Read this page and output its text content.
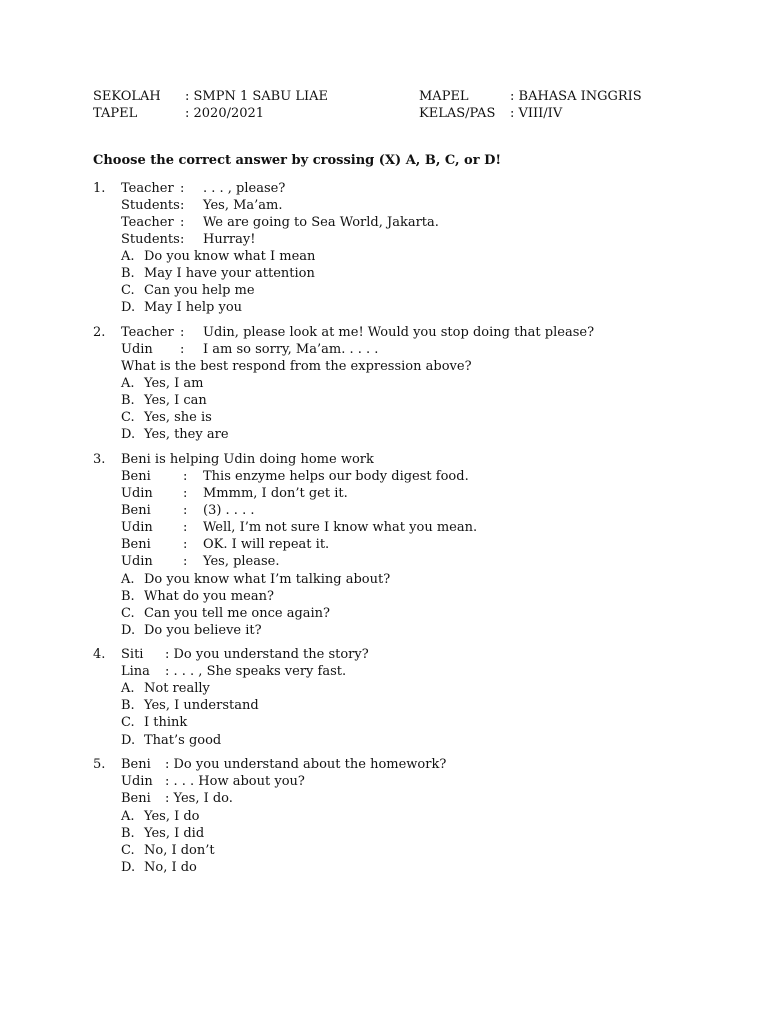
SEKOLAH : SMPN 1 SABU LIAE	MAPEL	: BAHASA INGGRIS
TAPEL	: 2020/2021	KELAS/PAS : VIII/IV
Choose the correct answer by crossing (X) A, B, C, or D!
1. Teacher : . . . , please?
Students : Yes, Ma’am.
Teacher : We are going to Sea World, Jakarta.
Students : Hurray!
A. Do you know what I mean
B. May I have your attention
C. Can you help me
D. May I help you
2. Teacher : Udin, please look at me! Would you stop doing that please?
Udin : I am so sorry, Ma’am. . . . .
What is the best respond from the expression above?
A. Yes, I am
B. Yes, I can
C. Yes, she is
D. Yes, they are
3. Beni is helping Udin doing home work
Beni : This enzyme helps our body digest food.
Udin : Mmmm, I don’t get it.
Beni : (3) . . . .
Udin : Well, I’m not sure I know what you mean.
Beni : OK. I will repeat it.
Udin : Yes, please.
A. Do you know what I’m talking about?
B. What do you mean?
C. Can you tell me once again?
D. Do you believe it?
4. Siti : Do you understand the story?
Lina : . . . , She speaks very fast.
A. Not really
B. Yes, I understand
C. I think
D. That’s good
5. Beni : Do you understand about the homework?
Udin : . . . How about you?
Beni : Yes, I do.
A. Yes, I do
B. Yes, I did
C. No, I don’t
D. No, I do
